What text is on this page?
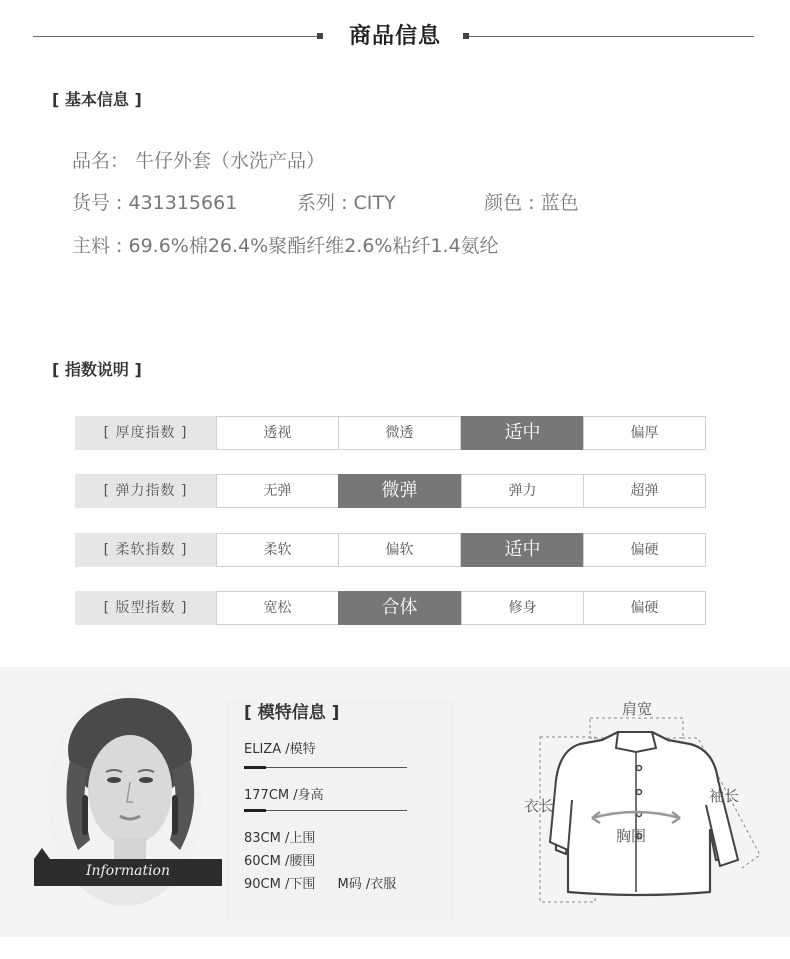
商品信息
[ 基本信息 ]
品名： 牛仔外套（水洗产品）
货号 : 431315661	系列 : CITY	颜色 : 蓝色
主料 : 69.6%棉26.4%聚酯纤维2.6%粘纤1.4氨纶
[ 指数说明 ]
[ 厚度指数 ]	透视	微透	适中	偏厚
[ 弹力指数 ]	无弹	微弹	弹力	超弹
[ 柔软指数 ]	柔软	偏软	适中	偏硬
[ 版型指数 ]	宽松	合体	修身	偏硬
Information
[ 模特信息 ]
ELIZA /模特
177CM /身高
83CM /上围
60CM /腰围
90CM /下围 M码 /衣服
肩宽
衣长
袖长
胸围
